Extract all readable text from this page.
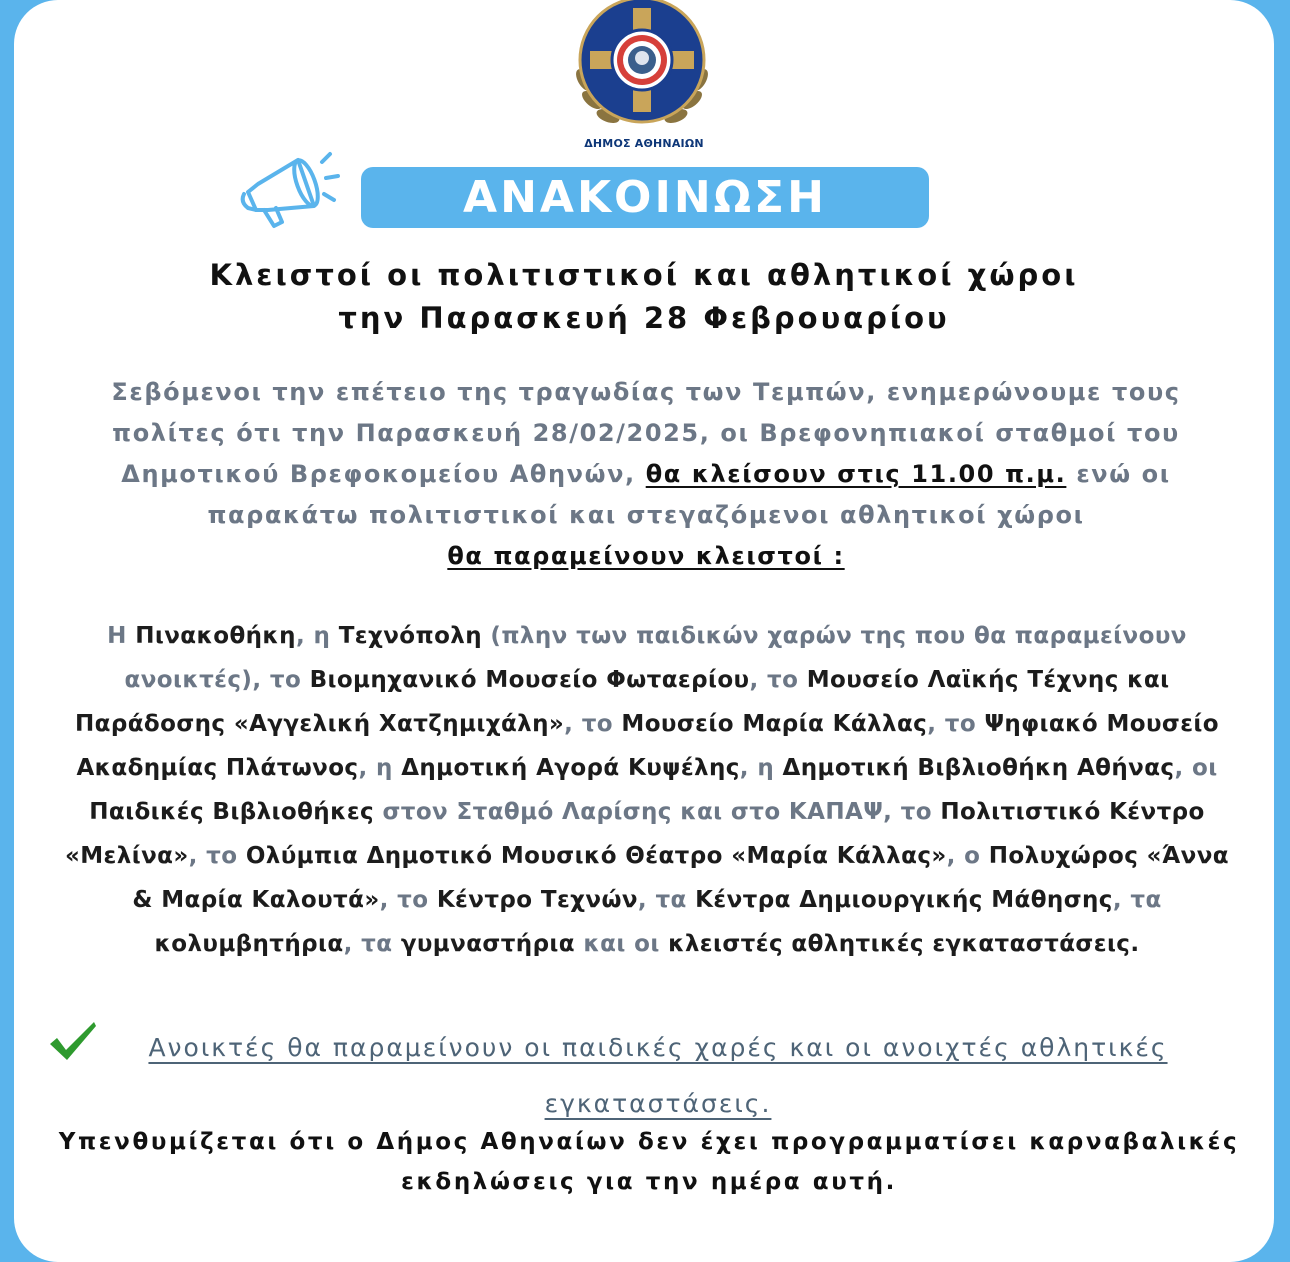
ΔΗΜΟΣ ΑΘΗΝΑΙΩΝ
ΑΝΑΚΟΙΝΩΣΗ
Κλειστοί οι πολιτιστικοί και αθλητικοί χώροι
την Παρασκευή 28 Φεβρουαρίου
Σεβόμενοι την επέτειο της τραγωδίας των Τεμπών, ενημερώνουμε τους πολίτες ότι την Παρασκευή 28/02/2025, οι Βρεφονηπιακοί σταθμοί του Δημοτικού Βρεφοκομείου Αθηνών, θα κλείσουν στις 11.00 π.μ. ενώ οι παρακάτω πολιτιστικοί και στεγαζόμενοι αθλητικοί χώροι
θα παραμείνουν κλειστοί :
Η Πινακοθήκη, η Τεχνόπολη (πλην των παιδικών χαρών της που θα παραμείνουν ανοικτές), το Βιομηχανικό Μουσείο Φωταερίου, το Μουσείο Λαϊκής Τέχνης και Παράδοσης «Αγγελική Χατζημιχάλη», το Μουσείο Μαρία Κάλλας, το Ψηφιακό Μουσείο Ακαδημίας Πλάτωνος, η Δημοτική Αγορά Κυψέλης, η Δημοτική Βιβλιοθήκη Αθήνας, οι Παιδικές Βιβλιοθήκες στον Σταθμό Λαρίσης και στο ΚΑΠΑΨ, το Πολιτιστικό Κέντρο «Μελίνα», το Ολύμπια Δημοτικό Μουσικό Θέατρο «Μαρία Κάλλας», ο Πολυχώρος «Άννα & Μαρία Καλουτά», το Κέντρο Τεχνών, τα Κέντρα Δημιουργικής Μάθησης, τα κολυμβητήρια, τα γυμναστήρια και οι κλειστές αθλητικές εγκαταστάσεις.
Ανοικτές θα παραμείνουν οι παιδικές χαρές και οι ανοιχτές αθλητικές εγκαταστάσεις.
Υπενθυμίζεται ότι ο Δήμος Αθηναίων δεν έχει προγραμματίσει καρναβαλικές εκδηλώσεις για την ημέρα αυτή.
